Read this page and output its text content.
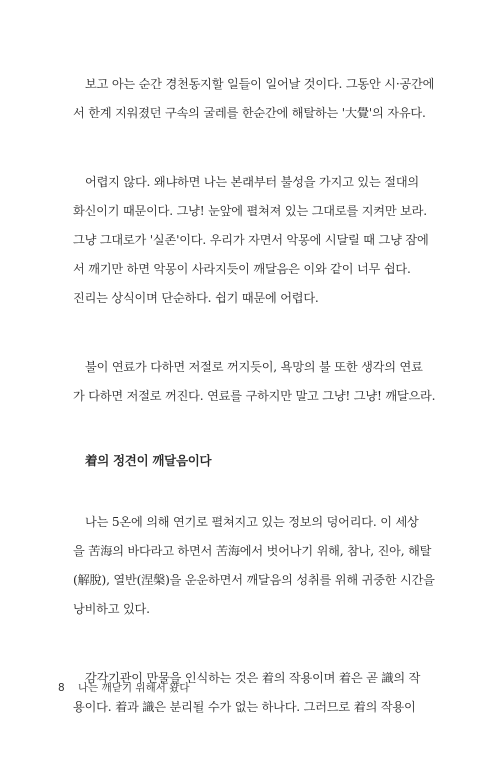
보고 아는 순간 경천동지할 일들이 일어날 것이다. 그동안 시·공간에
서 한계 지워졌던 구속의 굴레를 한순간에 해탈하는 '大覺'의 자유다.

어렵지 않다. 왜냐하면 나는 본래부터 불성을 가지고 있는 절대의
화신이기 때문이다. 그냥! 눈앞에 펼쳐져 있는 그대로를 지켜만 보라.
그냥 그대로가 '실존'이다. 우리가 자면서 악몽에 시달릴 때 그냥 잠에
서 깨기만 하면 악몽이 사라지듯이 깨달음은 이와 같이 너무 쉽다.
진리는 상식이며 단순하다. 쉽기 때문에 어렵다.

불이 연료가 다하면 저절로 꺼지듯이, 욕망의 불 또한 생각의 연료
가 다하면 저절로 꺼진다. 연료를 구하지만 말고 그냥! 그냥! 깨달으라.

着의 정견이 깨달음이다

나는 5온에 의해 연기로 펼쳐지고 있는 정보의 덩어리다. 이 세상
을 苦海의 바다라고 하면서 苦海에서 벗어나기 위해, 참나, 진아, 해탈
(解脫), 열반(涅槃)을 운운하면서 깨달음의 성취를 위해 귀중한 시간을
낭비하고 있다.

감각기관이 만물을 인식하는 것은 着의 작용이며 着은 곧 識의 작
용이다. 着과 識은 분리될 수가 없는 하나다. 그러므로 着의 작용이

8 나는 깨닫기 위해서 왔다
